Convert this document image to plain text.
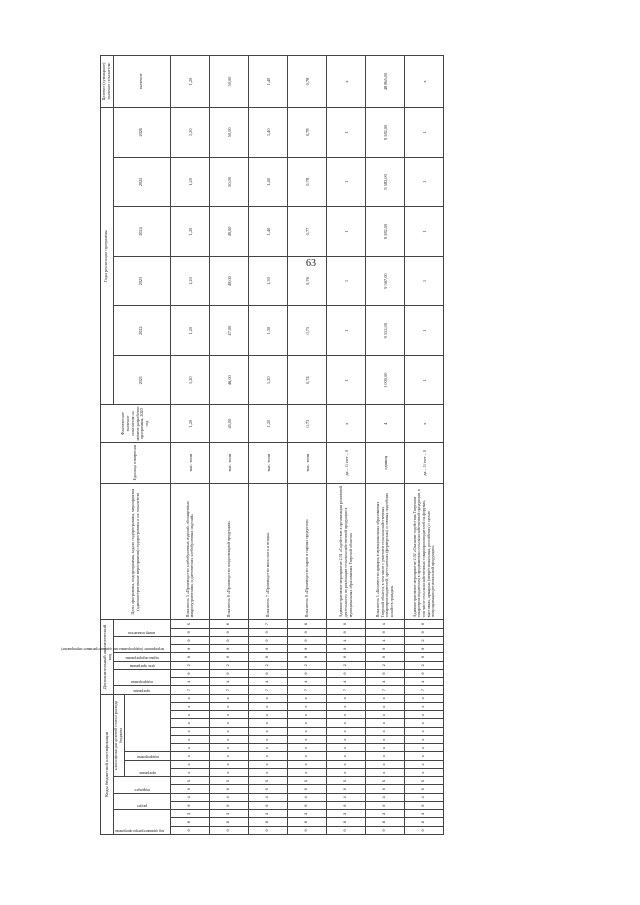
63
Коды бюджетной классификации																	Дополнительный аналитический код									Цели программы, подпрограммы, задачи подпрограммы, мероприятия (административные мероприятия) подпрограммы и их показатели	Единица измерения	Фактическое значение показателя на момент разработки программы, 2020 год	Годы реализации программы						Целевое (суммарное) значение показателя

код администратора программы			раздел		подраздел		классификация целевой статьи расхода бюджета										программа	подпрограмма		цель программы	задача подпрограммы	мероприятие (подпрограммы или административное мероприятие)		номер показателя					2021	2022	2023	2024	2025	2026	значение

							программа		подпрограмма																										

0	8	3	0	4	0	5	x	x	x	x	x	x	x	x	x	x	7	4	0	2	0	0	0	0	5	Показатель 5 «Производство хлебобулочных изделий, обогащенных микронутриентами, и диетических хлебобулочных изделий»	тыс. тонн	1,20	1,20	1,20	1,20	1,20	1,20	1,20	1,20
0	8	3	0	4	0	5	x	x	x	x	x	x	x	x	x	x	7	4	0	2	0	0	0	0	6	Показатель 6 «Производство плодоовощной продукции»	тыс. тонн	45,00	46,00	47,00	48,00	49,00	50,00	50,00	50,00
0	8	3	0	4	0	5	x	x	x	x	x	x	x	x	x	x	7	4	0	2	0	0	0	0	7	Показатель 7 «Производство мяса скота и птицы»	тыс. тонн	1,20	1,20	1,30	1,30	1,40	1,40	1,40	1,40
0	8	3	0	4	0	5	x	x	x	x	x	x	x	x	x	x	7	4	0	2	0	0	0	0	8	Показатель 8 «Производство сыров и сырных продуктов»	тыс. тонн	0,73	0,74	0,75	0,76	0,77	0,78	0,78	0,78
0	8	3	0	4	0	5	x	x	x	x	x	x	x	x	x	x	7	4	0	2	0	0	1	0	0	Административное мероприятие 2.01 «Содействие в организации розничной деятельности по реализации сельскохозяйственной продукции в муниципальных образованиях Тверской области»	да – 1/ нет – 0	х	1	1	1	1	1	1	х
0	8	3	0	4	0	5	x	x	x	x	x	x	x	x	x	x	7	4	0	2	0	0	1	0	1	Показатель 1 «Количество ярмарок в муниципальных образованиях Тверской области, в том числе с участием сельскохозяйственных товаропроизводителей, крестьянских (фермерских) и личных подсобных хозяйств граждан»	единиц	4	1 000,00	9 552,00	9 567,00	9 582,00	9 582,00	9 582,00	48 865,00
0	8	3	0	4	0	5	x	x	x	x	x	x	x	x	x	x	7	4	0	2	0	0	2	0	0	Административное мероприятие 2.02 «Оказание содействия Тверским товаропроизводителям в продвижении сельскохозяйственной продукции, в том числе сельскохозяйственных товаропроизводителей на форумах, выставках, ярмарках (межрегиональных, российских) с целью популяризации региональной продукции»	да – 1/ нет – 0	х	1	1	1	1	1	1	х
